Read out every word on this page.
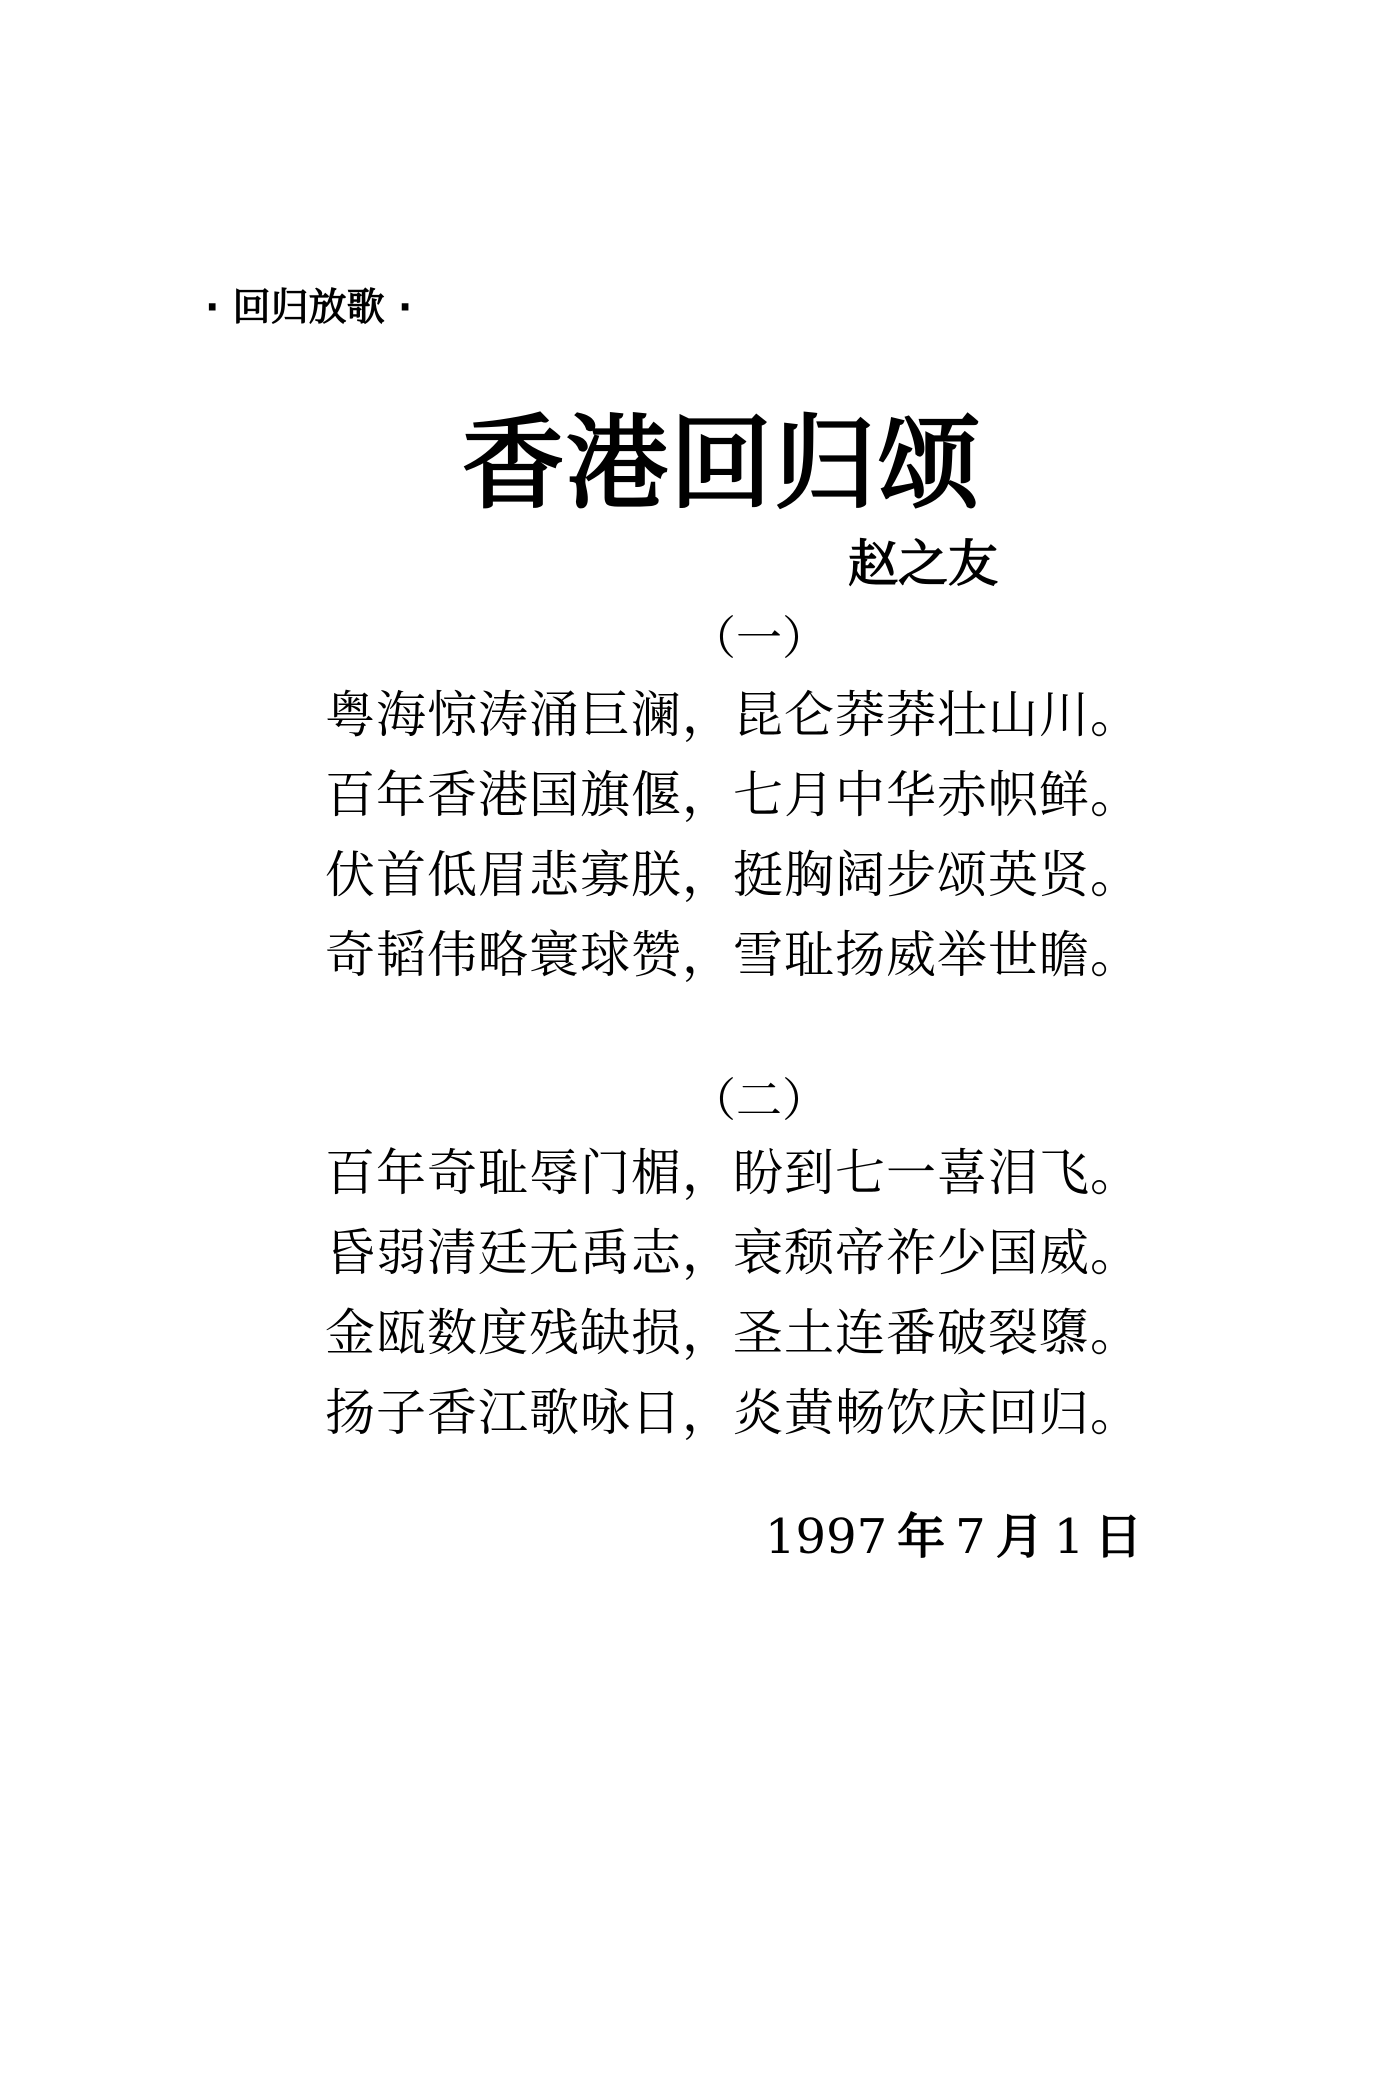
· 回归放歌 ·
香港回归颂
赵之友
（一）
粤海惊涛涌巨澜，昆仑莽莽壮山川。
百年香港国旗偃，七月中华赤帜鲜。
伏首低眉悲寡朕，挺胸阔步颂英贤。
奇韬伟略寰球赞，雪耻扬威举世瞻。
（二）
百年奇耻辱门楣，盼到七一喜泪飞。
昏弱清廷无禹志，衰颓帝祚少国威。
金瓯数度残缺损，圣土连番破裂隳。
扬子香江歌咏日，炎黄畅饮庆回归。
1997 年 7 月 1 日
